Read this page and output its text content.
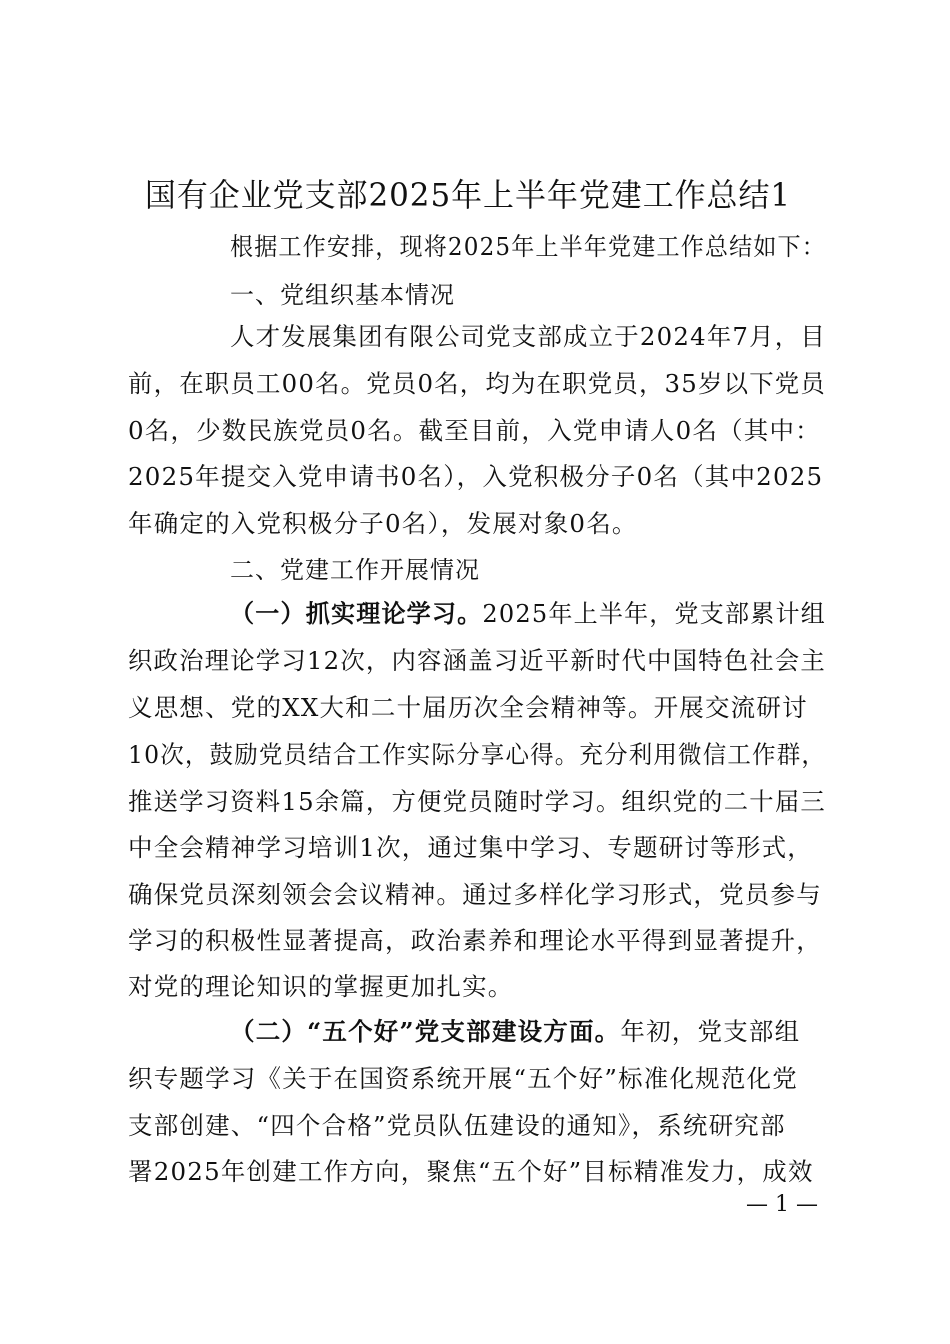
国有企业党支部2025年上半年党建工作总结1

根据工作安排，现将2025年上半年党建工作总结如下：

一、党组织基本情况

人才发展集团有限公司党支部成立于2024年7月，目

前，在职员工00名。党员0名，均为在职党员，35岁以下党员

0名，少数民族党员0名。截至目前，入党申请人0名（其中：

2025年提交入党申请书0名），入党积极分子0名（其中2025

年确定的入党积极分子0名），发展对象0名。

二、党建工作开展情况

（一）抓实理论学习。2025年上半年，党支部累计组

织政治理论学习12次，内容涵盖习近平新时代中国特色社会主

义思想、党的XX大和二十届历次全会精神等。开展交流研讨

10次，鼓励党员结合工作实际分享心得。充分利用微信工作群，

推送学习资料15余篇，方便党员随时学习。组织党的二十届三

中全会精神学习培训1次，通过集中学习、专题研讨等形式，

确保党员深刻领会会议精神。通过多样化学习形式，党员参与

学习的积极性显著提高，政治素养和理论水平得到显著提升，

对党的理论知识的掌握更加扎实。

（二）“五个好”党支部建设方面。年初，党支部组

织专题学习《关于在国资系统开展“五个好”标准化规范化党

支部创建、“四个合格”党员队伍建设的通知》，系统研究部

署2025年创建工作方向，聚焦“五个好”目标精准发力，成效

— 1 —
